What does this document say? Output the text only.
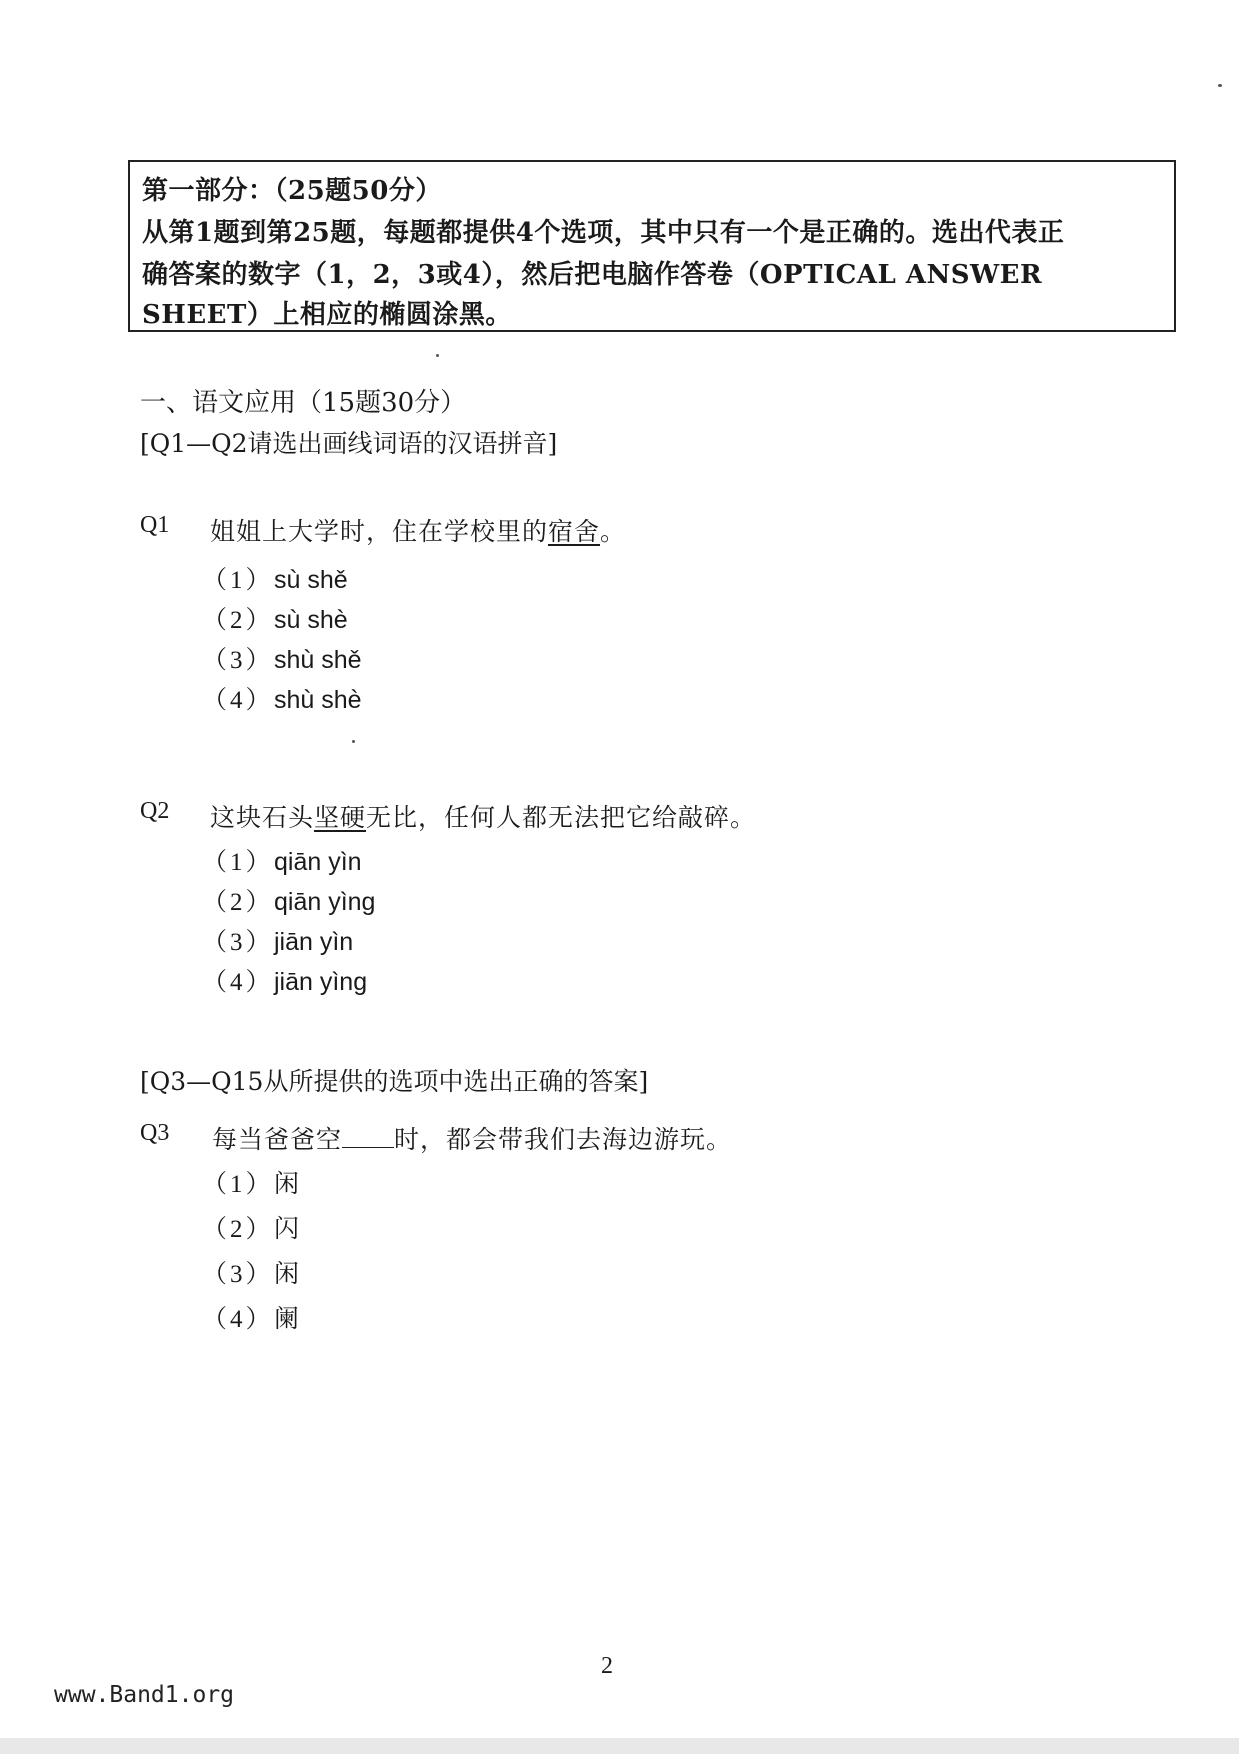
第一部分：（25题50分）
从第1题到第25题，每题都提供4个选项，其中只有一个是正确的。选出代表正
确答案的数字（1，2，3或4），然后把电脑作答卷（OPTICAL ANSWER
SHEET）上相应的椭圆涂黑。
一、语文应用（15题30分）
[Q1—Q2请选出画线词语的汉语拼音]
Q1 姐姐上大学时，住在学校里的宿舍。
（1）sù shě
（2）sù shè
（3）shù shě
（4）shù shè
Q2 这块石头坚硬无比，任何人都无法把它给敲碎。
（1）qiān yìn
（2）qiān yìng
（3）jiān yìn
（4）jiān yìng
[Q3—Q15从所提供的选项中选出正确的答案]
Q3 每当爸爸空 时，都会带我们去海边游玩。
（1）闲
（2）闪
（3）闲
（4）阑
2
www.Band1.org
